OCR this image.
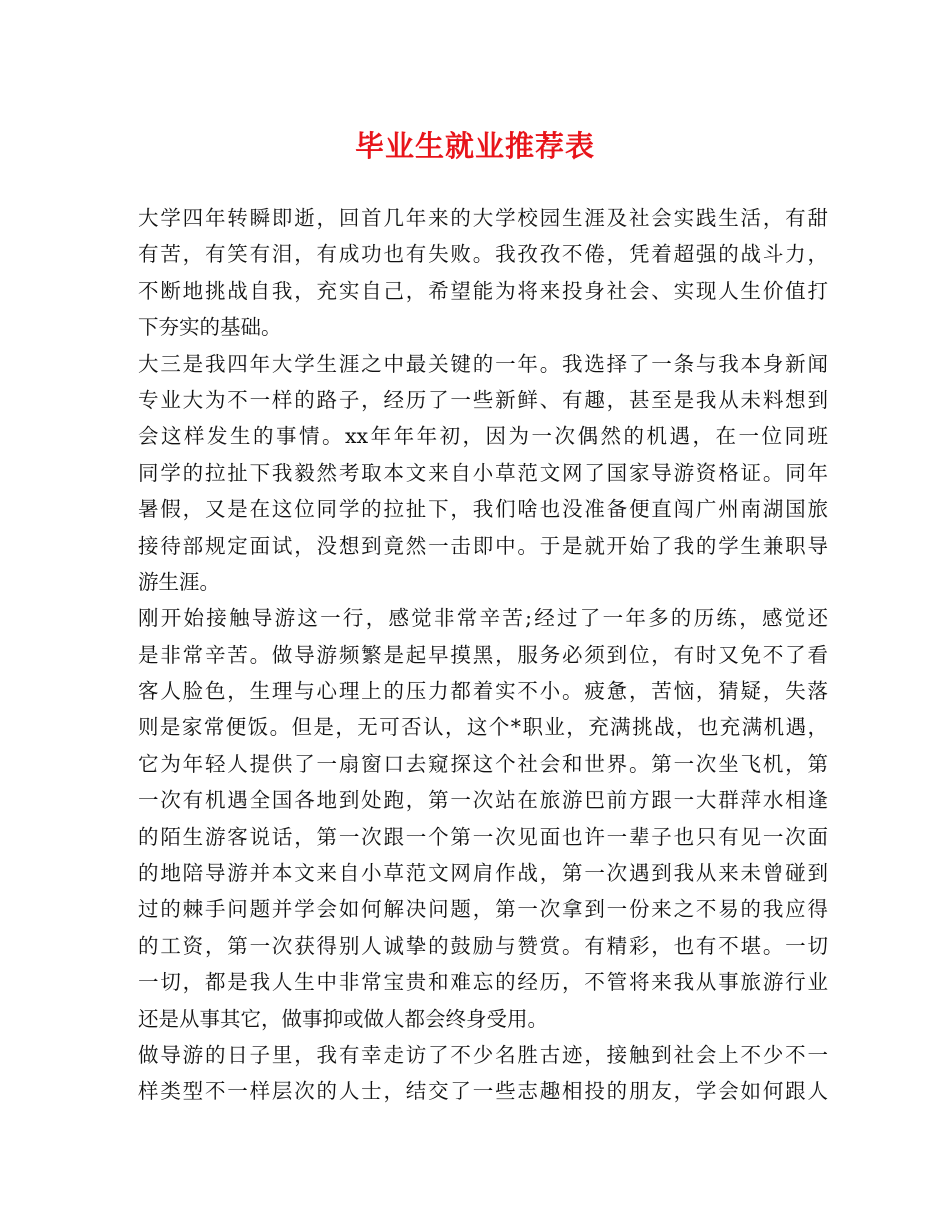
毕业生就业推荐表
大学四年转瞬即逝，回首几年来的大学校园生涯及社会实践生活，有甜
有苦，有笑有泪，有成功也有失败。我孜孜不倦，凭着超强的战斗力，
不断地挑战自我，充实自己，希望能为将来投身社会、实现人生价值打
下夯实的基础。
大三是我四年大学生涯之中最关键的一年。我选择了一条与我本身新闻
专业大为不一样的路子，经历了一些新鲜、有趣，甚至是我从未料想到
会这样发生的事情。xx年年年初，因为一次偶然的机遇，在一位同班
同学的拉扯下我毅然考取本文来自小草范文网了国家导游资格证。同年
暑假，又是在这位同学的拉扯下，我们啥也没准备便直闯广州南湖国旅
接待部规定面试，没想到竟然一击即中。于是就开始了我的学生兼职导
游生涯。
刚开始接触导游这一行，感觉非常辛苦;经过了一年多的历练，感觉还
是非常辛苦。做导游频繁是起早摸黑，服务必须到位，有时又免不了看
客人脸色，生理与心理上的压力都着实不小。疲惫，苦恼，猜疑，失落
则是家常便饭。但是，无可否认，这个*职业，充满挑战，也充满机遇，
它为年轻人提供了一扇窗口去窥探这个社会和世界。第一次坐飞机，第
一次有机遇全国各地到处跑，第一次站在旅游巴前方跟一大群萍水相逢
的陌生游客说话，第一次跟一个第一次见面也许一辈子也只有见一次面
的地陪导游并本文来自小草范文网肩作战，第一次遇到我从来未曾碰到
过的棘手问题并学会如何解决问题，第一次拿到一份来之不易的我应得
的工资，第一次获得别人诚挚的鼓励与赞赏。有精彩，也有不堪。一切
一切，都是我人生中非常宝贵和难忘的经历，不管将来我从事旅游行业
还是从事其它，做事抑或做人都会终身受用。
做导游的日子里，我有幸走访了不少名胜古迹，接触到社会上不少不一
样类型不一样层次的人士，结交了一些志趣相投的朋友，学会如何跟人
